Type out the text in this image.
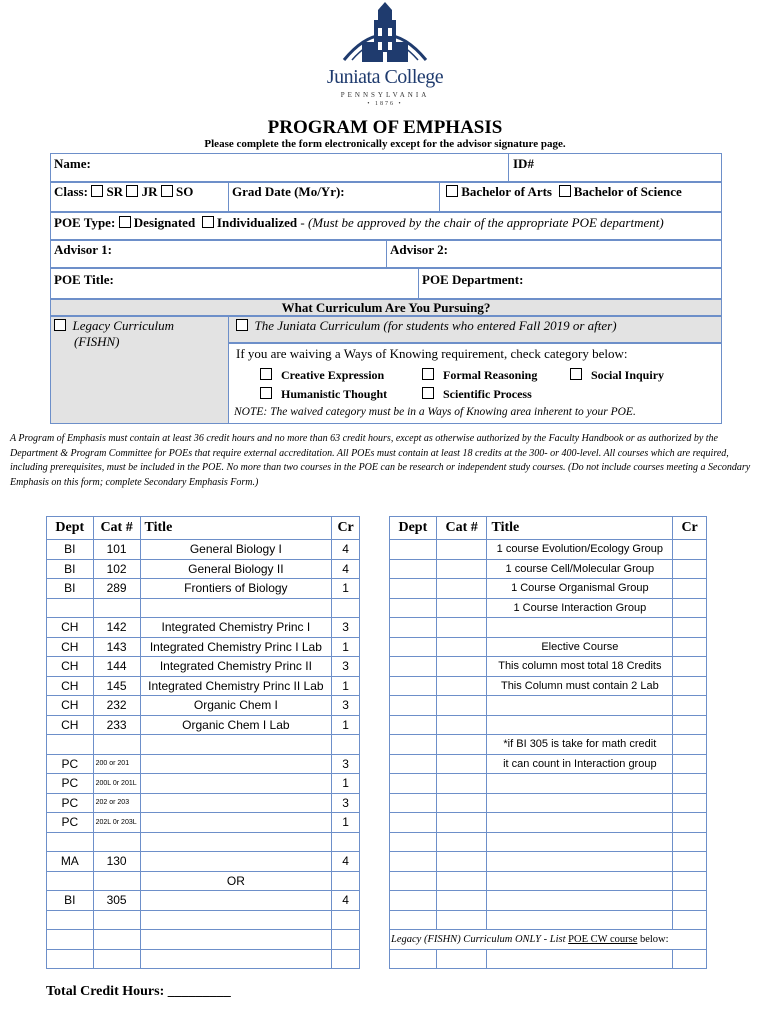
Juniata College
PENNSYLVANIA
• 1876 •
PROGRAM OF EMPHASIS
Please complete the form electronically except for the advisor signature page.
Name:	ID#
Class: SR JR SO	Grad Date (Mo/Yr):	Bachelor of Arts Bachelor of Science
POE Type: Designated Individualized - (Must be approved by the chair of the appropriate POE department)
Advisor 1:	Advisor 2:
POE Title:	POE Department:
What Curriculum Are You Pursuing?
Legacy Curriculum
(FISHN)
The Juniata Curriculum (for students who entered Fall 2019 or after)
If you are waiving a Ways of Knowing requirement, check category below:
Creative Expression	Formal Reasoning	Social Inquiry
Humanistic Thought	Scientific Process
NOTE: The waived category must be in a Ways of Knowing area inherent to your POE.
A Program of Emphasis must contain at least 36 credit hours and no more than 63 credit hours, except as otherwise authorized by the Faculty Handbook or as authorized by the Department & Program Committee for POEs that require external accreditation. All POEs must contain at least 18 credits at the 300- or 400-level. All courses which are required, including prerequisites, must be included in the POE. No more than two courses in the POE can be research or independent study courses. (Do not include courses meeting a Secondary Emphasis on this form; complete Secondary Emphasis Form.)
Dept	Cat #	Title	Cr
BI	101	General Biology I	4
BI	102	General Biology II	4
BI	289	Frontiers of Biology	1

CH	142	Integrated Chemistry Princ I	3
CH	143	Integrated Chemistry Princ I Lab	1
CH	144	Integrated Chemistry Princ II	3
CH	145	Integrated Chemistry Princ II Lab	1
CH	232	Organic Chem I	3
CH	233	Organic Chem I Lab	1

PC	200 or 201		3
PC	200L 0r 201L		1
PC	202 or 203		3
PC	202L 0r 203L		1

MA	130		4
		OR	
BI	305		4

Dept	Cat #	Title	Cr
		1 course Evolution/Ecology Group	
		1 course Cell/Molecular Group	
		1 Course Organismal Group	
		1 Course Interaction Group	

		Elective Course	
		This column most total 18 Credits	
		This Column must contain 2 Lab	

		*if BI 305 is take for math credit	
		it can count in Interaction group	

Legacy (FISHN) Curriculum ONLY - List POE CW course below:			

Total Credit Hours: _________
